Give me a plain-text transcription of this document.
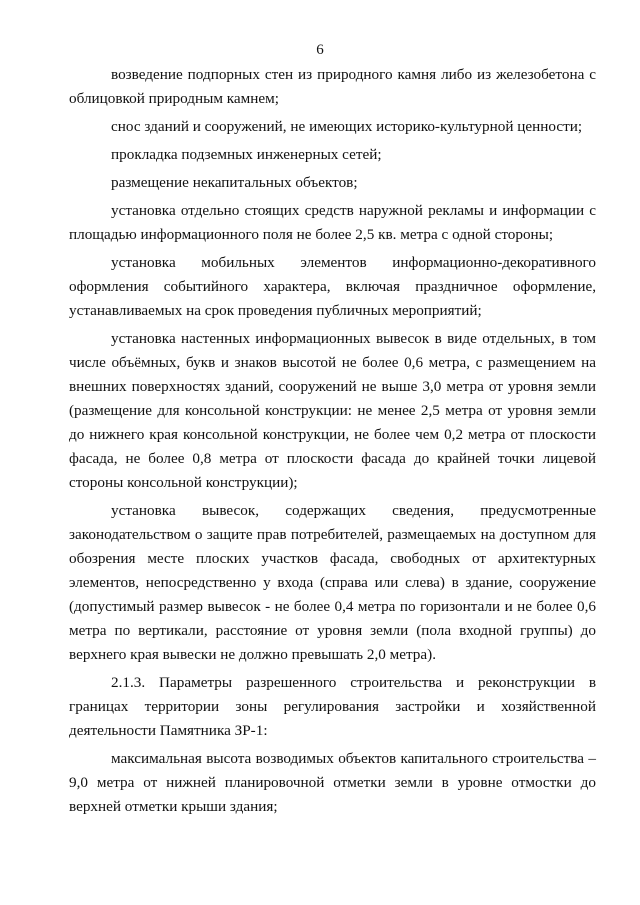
6

возведение подпорных стен из природного камня либо из железобетона с облицовкой природным камнем;

снос зданий и сооружений, не имеющих историко-культурной ценности;

прокладка подземных инженерных сетей;

размещение некапитальных объектов;

установка отдельно стоящих средств наружной рекламы и информации с площадью информационного поля не более 2,5 кв. метра с одной стороны;

установка мобильных элементов информационно-декоративного оформления событийного характера, включая праздничное оформление, устанавливаемых на срок проведения публичных мероприятий;

установка настенных информационных вывесок в виде отдельных, в том числе объёмных, букв и знаков высотой не более 0,6 метра, с размещением на внешних поверхностях зданий, сооружений не выше 3,0 метра от уровня земли (размещение для консольной конструкции: не менее 2,5 метра от уровня земли до нижнего края консольной конструкции, не более чем 0,2 метра от плоскости фасада, не более 0,8 метра от плоскости фасада до крайней точки лицевой стороны консольной конструкции);

установка вывесок, содержащих сведения, предусмотренные законодательством о защите прав потребителей, размещаемых на доступном для обозрения месте плоских участков фасада, свободных от архитектурных элементов, непосредственно у входа (справа или слева) в здание, сооружение (допустимый размер вывесок - не более 0,4 метра по горизонтали и не более 0,6 метра по вертикали, расстояние от уровня земли (пола входной группы) до верхнего края вывески не должно превышать 2,0 метра).

2.1.3. Параметры разрешенного строительства и реконструкции в границах территории зоны регулирования застройки и хозяйственной деятельности Памятника ЗР-1:

максимальная высота возводимых объектов капитального строительства – 9,0 метра от нижней планировочной отметки земли в уровне отмостки до верхней отметки крыши здания;
